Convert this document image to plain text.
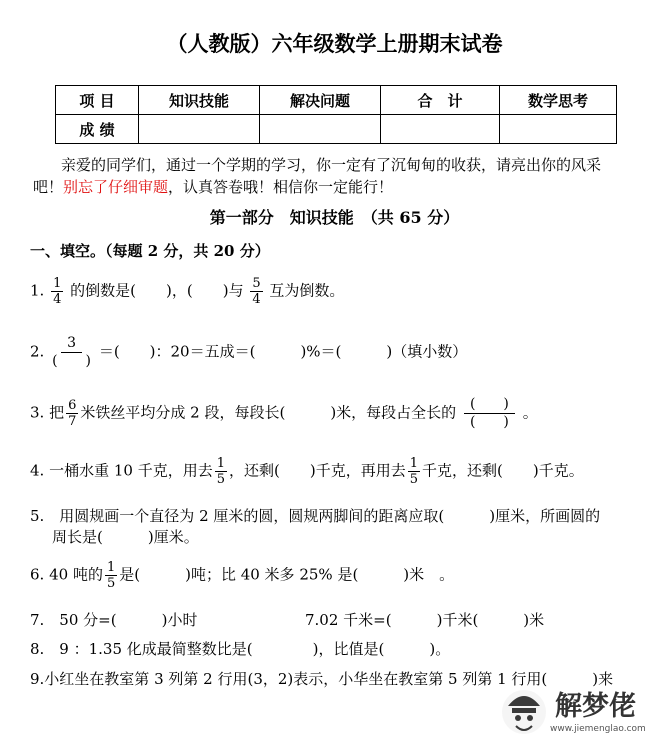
（人教版）六年级数学上册期末试卷
项 目	知识技能	解决问题	合　计	数学思考
成 绩				
亲爱的同学们，通过一个学期的学习，你一定有了沉甸甸的收获，请亮出你的风采
吧！别忘了仔细审题，认真答卷哦！相信你一定能行！
第一部分　知识技能　（共 65 分）
一、填空。（每题 2 分，共 20 分）
1. $\frac{1}{4}$ 的倒数是(　　)，(　　)与 $\frac{5}{4}$ 互为倒数。
2.	3
(　　)
＝(　　)：20＝五成＝(　　　)%＝(　　　)（填小数）
3. 把 $\frac{6}{7}$ 米铁丝平均分成 2 段，每段长(　　　)米，每段占全长的 (　　)
(　　)
。
4. 一桶水重 10 千克，用去 $\frac{1}{5}$ ，还剩(　　)千克，再用去 $\frac{1}{5}$ 千克，还剩(　　)千克。
5.　用圆规画一个直径为 2 厘米的圆，圆规两脚间的距离应取(　　　)厘米，所画圆的
周长是(　　　)厘米。
6. 40 吨的 $\frac{1}{5}$ 是(　　　)吨；比 40 米多 25% 是(　　　)米　。
7.　50 分=(　　　)小时	7.02 千米=(　　　)千米(　　　)米
8.　9 ：1.35 化成最简整数比是(　　　　)，比值是(　　　)。
9.小红坐在教室第 3 列第 2 行用(3，2)表示，小华坐在教室第 5 列第 1 行用(　　　)来
解梦佬
www.jiemenglao.com
